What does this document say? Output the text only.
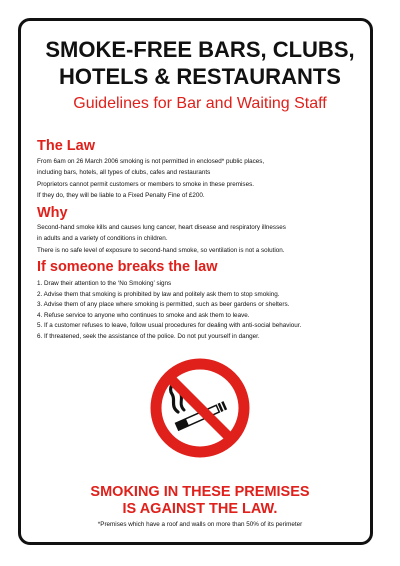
SMOKE-FREE BARS, CLUBS,
HOTELS & RESTAURANTS
Guidelines for Bar and Waiting Staff
The Law

From 6am on 26 March 2006 smoking is not permitted in enclosed* public places,

including bars, hotels, all types of clubs, cafes and restaurants

Proprietors cannot permit customers or members to smoke in these premises.

If they do, they will be liable to a Fixed Penalty Fine of £200.

Why

Second-hand smoke kills and causes lung cancer, heart disease and respiratory illnesses

in adults and a variety of conditions in children.

There is no safe level of exposure to second-hand smoke, so ventilation is not a solution.

If someone breaks the law

1. Draw their attention to the ‘No Smoking’ signs

2. Advise them that smoking is prohibited by law and politely ask them to stop smoking.

3. Advise them of any place where smoking is permitted, such as beer gardens or shelters.

4. Refuse service to anyone who continues to smoke and ask them to leave.

5. If a customer refuses to leave, follow usual procedures for dealing with anti-social behaviour.

6. If threatened, seek the assistance of the police. Do not put yourself in danger.

SMOKING IN THESE PREMISES
IS AGAINST THE LAW.
*Premises which have a roof and walls on more than 50% of its perimeter
